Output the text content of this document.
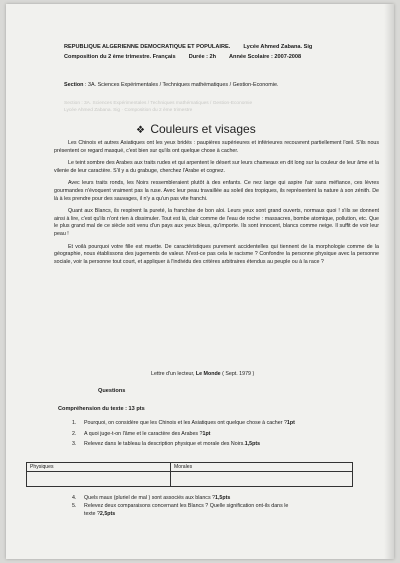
REPUBLIQUE ALGERIENNE DEMOCRATIQUE ET POPULAIRE. Lycée Ahmed Zabana. Sig
Composition du 2 ème trimestre. Français Durée : 2h Année Scolaire : 2007-2008
Section : 3A. Sciences Expérimentales / Techniques mathématiques / Gestion-Economie.
Section : 3A. Sciences Expérimentales / Techniques mathématiques / Gestion-Economie
Lycée Ahmed Zabana. Sig · Composition du 2 ème trimestre
❖ Couleurs et visages

Les Chinois et autres Asiatiques ont les yeux bridés : paupières supérieures et inférieures recouvrent partiellement l'œil. S'ils nous présentent ce regard masqué, c'est bien sur qu'ils ont quelque chose à cacher.

Le teint sombre des Arabes aux traits rudes et qui arpentent le désert sur leurs chameaux en dit long sur la couleur de leur âme et la vilenie de leur caractère. S'il y a du grabuge, cherchez l'Arabe et cognez.

Avec leurs traits ronds, les Noirs ressembleraient plutôt à des enfants. Ce nez large qui aspire l'air sans méfiance, ces lèvres gourmandes n'évoquent vraiment pas la ruse. Avec leur peau travaillée au soleil des tropiques, ils représentent la nature à son zénith. De là à les prendre pour des sauvages, il n'y a qu'un pas vite franchi.

Quant aux Blancs, ils respirent la pureté, la franchise de bon aloi. Leurs yeux sont grand ouverts, normaux quoi ! s'ils se donnent ainsi à lire, c'est qu'ils n'ont rien à dissimuler. Tout est là, clair comme de l'eau de roche : massacres, bombe atomique, pollution, etc. Que le plus grand mal de ce siècle soit venu d'un pays aux yeux bleus, qu'importe. Ils sont innocent, blancs comme neige. Il suffit de voir leur peau !

Et voilà pourquoi votre fille est muette. De caractéristiques purement accidentelles qui tiennent de la morphologie comme de la géographie, nous établissons des jugements de valeur. N'est-ce pas cela le racisme ? Confondre la personne physique avec la personne sociale, voir la personne tout court, et appliquer à l'individu des critères arbitraires étendus au peuple ou à la race ?

Lettre d'un lecteur, Le Monde ( Sept. 1979 )
Questions
Compréhension du texte : 13 pts
1. Pourquoi, on considère que les Chinois et les Asiatiques ont quelque chose à cacher ?1pt
2. A quoi juge-t-on l'âme et le caractère des Arabes ?1pt
3. Relevez dans le tableau la description physique et morale des Noirs.1,5pts
Physiques	Morales
4. Quels maux (pluriel de mal ) sont associés aux blancs ?1,5pts
5. Relevez deux comparaisons concernant les Blancs ? Quelle signification ont-ils dans le
texte ?2,5pts
